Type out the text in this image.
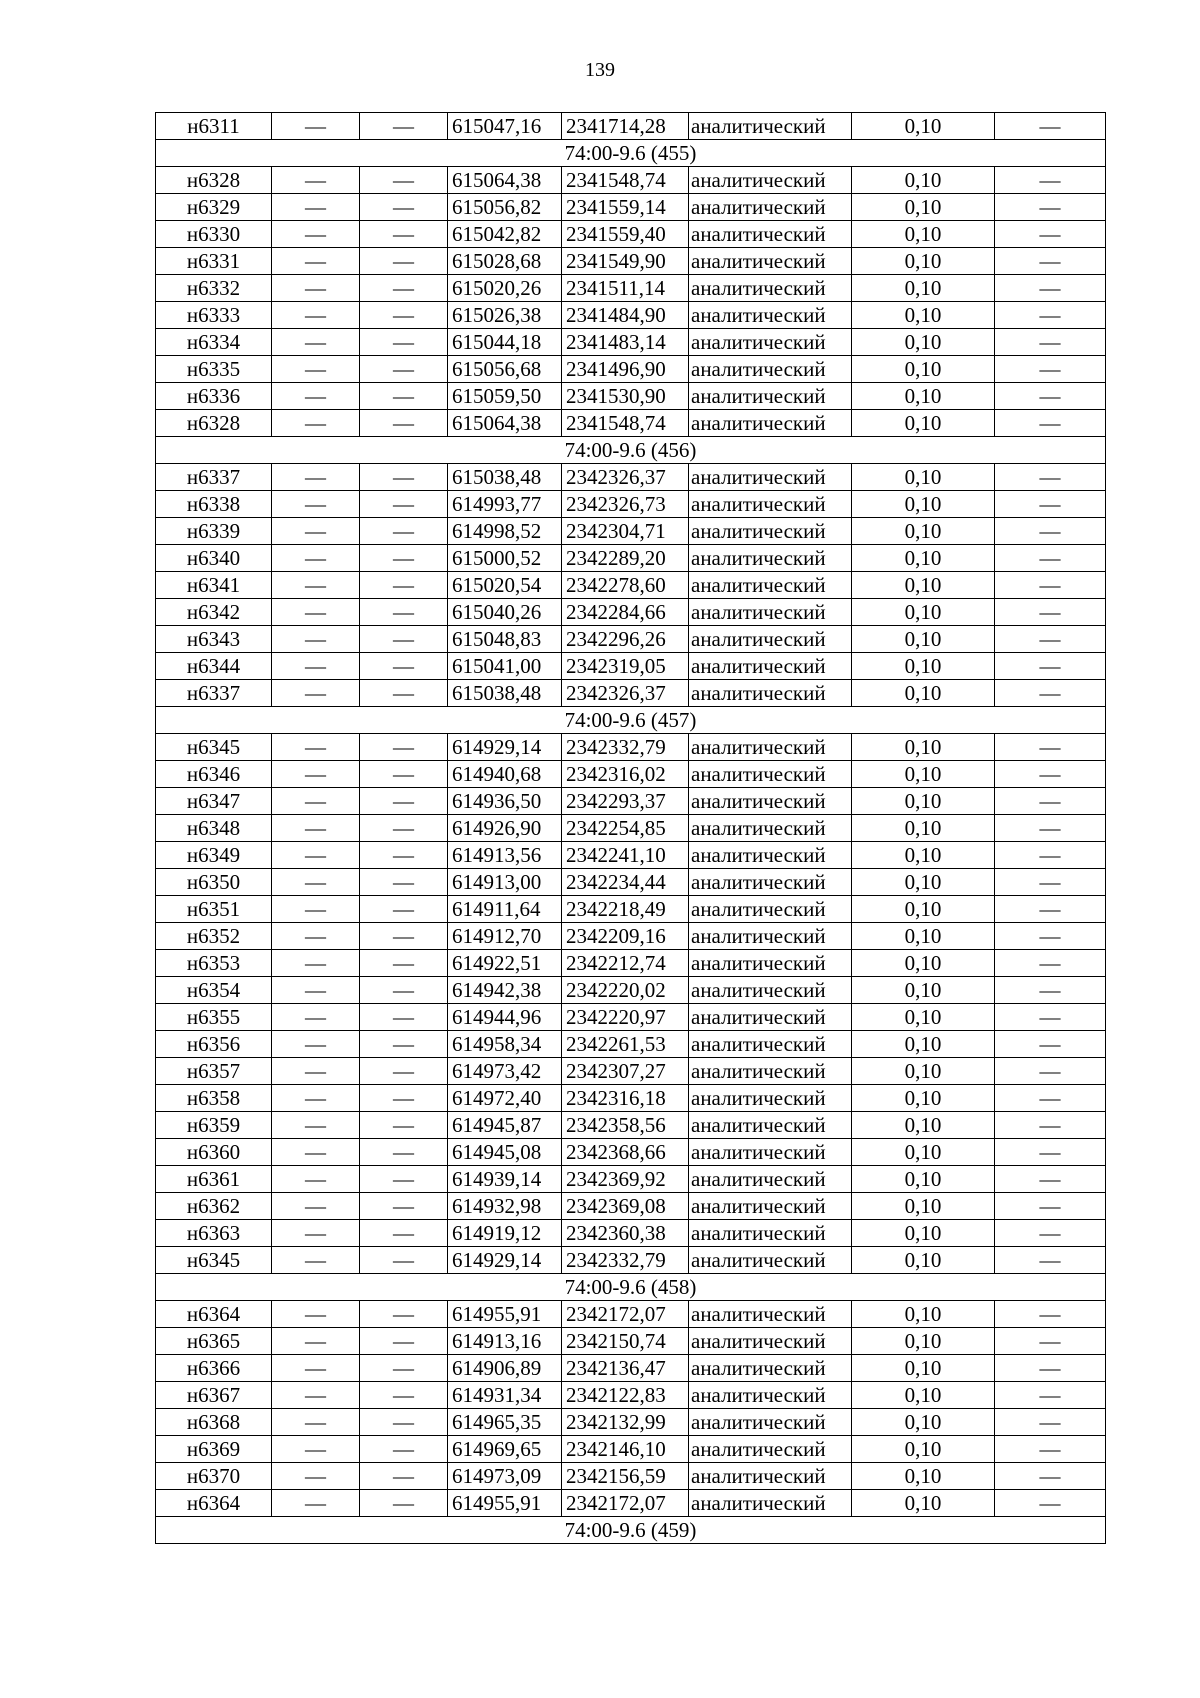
139
н6311	—	—	615047,16	2341714,28	аналитический	0,10	—
74:00-9.6 (455)							
н6328	—	—	615064,38	2341548,74	аналитический	0,10	—
н6329	—	—	615056,82	2341559,14	аналитический	0,10	—
н6330	—	—	615042,82	2341559,40	аналитический	0,10	—
н6331	—	—	615028,68	2341549,90	аналитический	0,10	—
н6332	—	—	615020,26	2341511,14	аналитический	0,10	—
н6333	—	—	615026,38	2341484,90	аналитический	0,10	—
н6334	—	—	615044,18	2341483,14	аналитический	0,10	—
н6335	—	—	615056,68	2341496,90	аналитический	0,10	—
н6336	—	—	615059,50	2341530,90	аналитический	0,10	—
н6328	—	—	615064,38	2341548,74	аналитический	0,10	—
74:00-9.6 (456)							
н6337	—	—	615038,48	2342326,37	аналитический	0,10	—
н6338	—	—	614993,77	2342326,73	аналитический	0,10	—
н6339	—	—	614998,52	2342304,71	аналитический	0,10	—
н6340	—	—	615000,52	2342289,20	аналитический	0,10	—
н6341	—	—	615020,54	2342278,60	аналитический	0,10	—
н6342	—	—	615040,26	2342284,66	аналитический	0,10	—
н6343	—	—	615048,83	2342296,26	аналитический	0,10	—
н6344	—	—	615041,00	2342319,05	аналитический	0,10	—
н6337	—	—	615038,48	2342326,37	аналитический	0,10	—
74:00-9.6 (457)							
н6345	—	—	614929,14	2342332,79	аналитический	0,10	—
н6346	—	—	614940,68	2342316,02	аналитический	0,10	—
н6347	—	—	614936,50	2342293,37	аналитический	0,10	—
н6348	—	—	614926,90	2342254,85	аналитический	0,10	—
н6349	—	—	614913,56	2342241,10	аналитический	0,10	—
н6350	—	—	614913,00	2342234,44	аналитический	0,10	—
н6351	—	—	614911,64	2342218,49	аналитический	0,10	—
н6352	—	—	614912,70	2342209,16	аналитический	0,10	—
н6353	—	—	614922,51	2342212,74	аналитический	0,10	—
н6354	—	—	614942,38	2342220,02	аналитический	0,10	—
н6355	—	—	614944,96	2342220,97	аналитический	0,10	—
н6356	—	—	614958,34	2342261,53	аналитический	0,10	—
н6357	—	—	614973,42	2342307,27	аналитический	0,10	—
н6358	—	—	614972,40	2342316,18	аналитический	0,10	—
н6359	—	—	614945,87	2342358,56	аналитический	0,10	—
н6360	—	—	614945,08	2342368,66	аналитический	0,10	—
н6361	—	—	614939,14	2342369,92	аналитический	0,10	—
н6362	—	—	614932,98	2342369,08	аналитический	0,10	—
н6363	—	—	614919,12	2342360,38	аналитический	0,10	—
н6345	—	—	614929,14	2342332,79	аналитический	0,10	—
74:00-9.6 (458)							
н6364	—	—	614955,91	2342172,07	аналитический	0,10	—
н6365	—	—	614913,16	2342150,74	аналитический	0,10	—
н6366	—	—	614906,89	2342136,47	аналитический	0,10	—
н6367	—	—	614931,34	2342122,83	аналитический	0,10	—
н6368	—	—	614965,35	2342132,99	аналитический	0,10	—
н6369	—	—	614969,65	2342146,10	аналитический	0,10	—
н6370	—	—	614973,09	2342156,59	аналитический	0,10	—
н6364	—	—	614955,91	2342172,07	аналитический	0,10	—
74:00-9.6 (459)							
